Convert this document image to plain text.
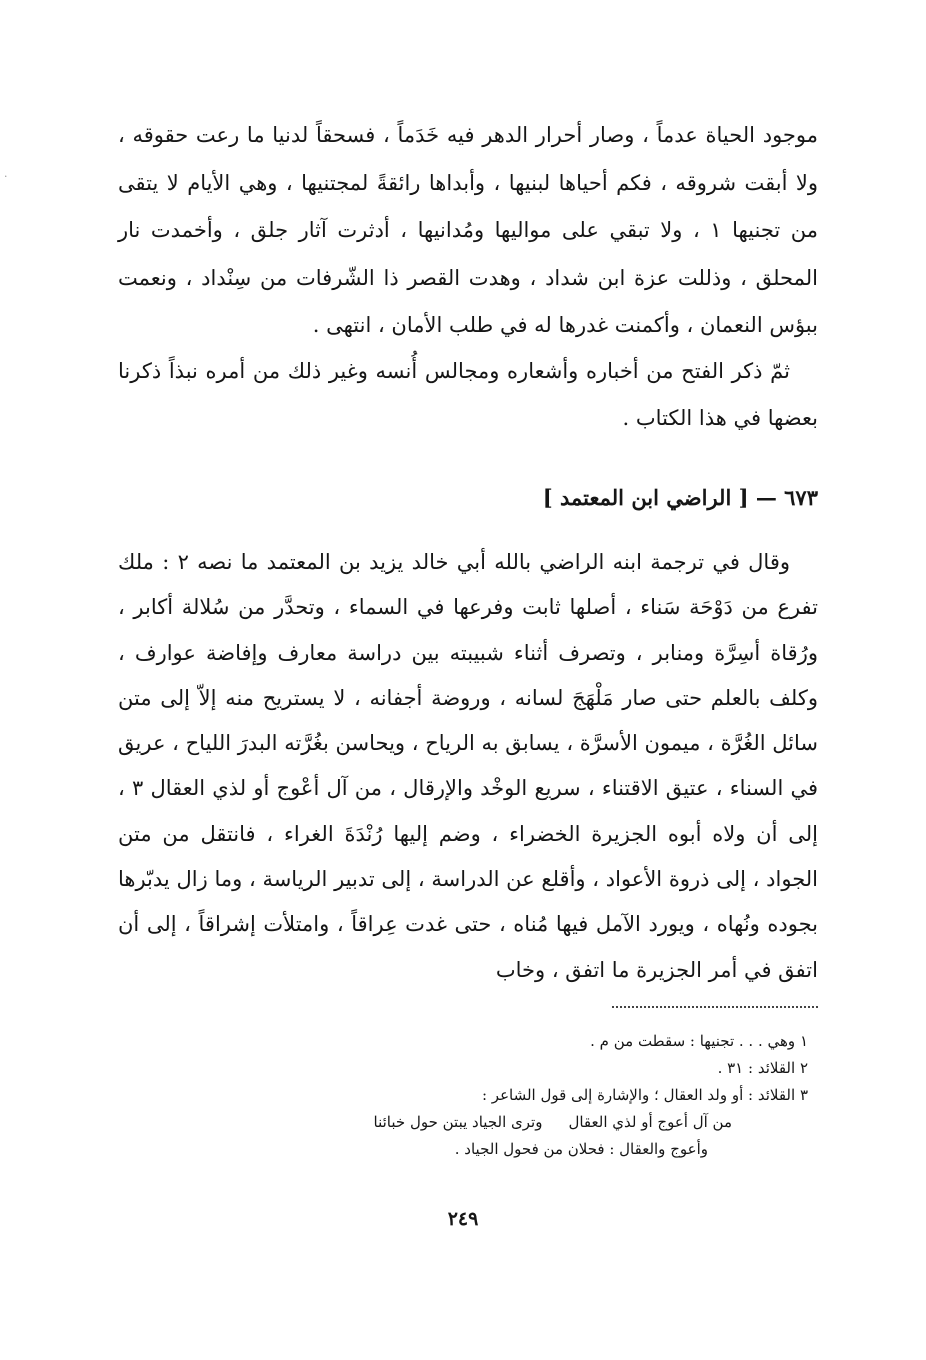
·
موجود الحياة عدماً ، وصار أحرار الدهر فيه خَدَماً ، فسحقاً لدنيا ما رعت حقوقه ، ولا أبقت شروقه ، فكم أحياها لبنيها ، وأبداها رائقةً لمجتنيها ، وهي الأيام لا يتقى من تجنيها ١ ، ولا تبقي على مواليها ومُدانيها ، أدثرت آثار جلق ، وأخمدت نار المحلق ، وذللت عزة ابن شداد ، وهدت القصر ذا الشّرفات من سِنْداد ، ونعمت ببؤس النعمان ، وأكمنت غدرها له في طلب الأمان ، انتهى .
ثمّ ذكر الفتح من أخباره وأشعاره ومجالس أُنسه وغير ذلك من أمره نبذاً ذكرنا بعضها في هذا الكتاب .
٦٧٣ — [ الراضي ابن المعتمد ]
وقال في ترجمة ابنه الراضي بالله أبي خالد يزيد بن المعتمد ما نصه ٢ : ملك تفرع من دَوْحَة سَناء ، أصلها ثابت وفرعها في السماء ، وتحدَّر من سُلالة أكابر ، ورُقاة أسِرَّة ومنابر ، وتصرف أثناء شبيبته بين دراسة معارف وإفاضة عوارف ، وكلف بالعلم حتى صار مَلْهَجَ لسانه ، وروضة أجفانه ، لا يستريح منه إلاّ إلى متن سائل الغُرَّة ، ميمون الأسرَّة ، يسابق به الرياح ، ويحاسن بغُرَّته البدرَ اللياح ، عريق في السناء ، عتيق الاقتناء ، سريع الوخْد والإرقال ، من آل أعْوج أو لذي العقال ٣ ، إلى أن ولاه أبوه الجزيرة الخضراء ، وضم إليها رُنْدَةَ الغراء ، فانتقل من متن الجواد ، إلى ذروة الأعواد ، وأقلع عن الدراسة ، إلى تدبير الرياسة ، وما زال يدبّرها بجوده ونُهاه ، ويورد الآمل فيها مُناه ، حتى غدت عِراقاً ، وامتلأت إشراقاً ، إلى أن اتفق في أمر الجزيرة ما اتفق ، وخاب
١ وهي . . . تجنيها : سقطت من م .
٢ القلائد : ٣١ .
٣ القلائد : أو ولد العقال ؛ والإشارة إلى قول الشاعر :
وترى الجياد يبتن حول خبائنا من آل أعوج أو لذي العقال
وأعوج والعقال : فحلان من فحول الجياد .
٢٤٩
